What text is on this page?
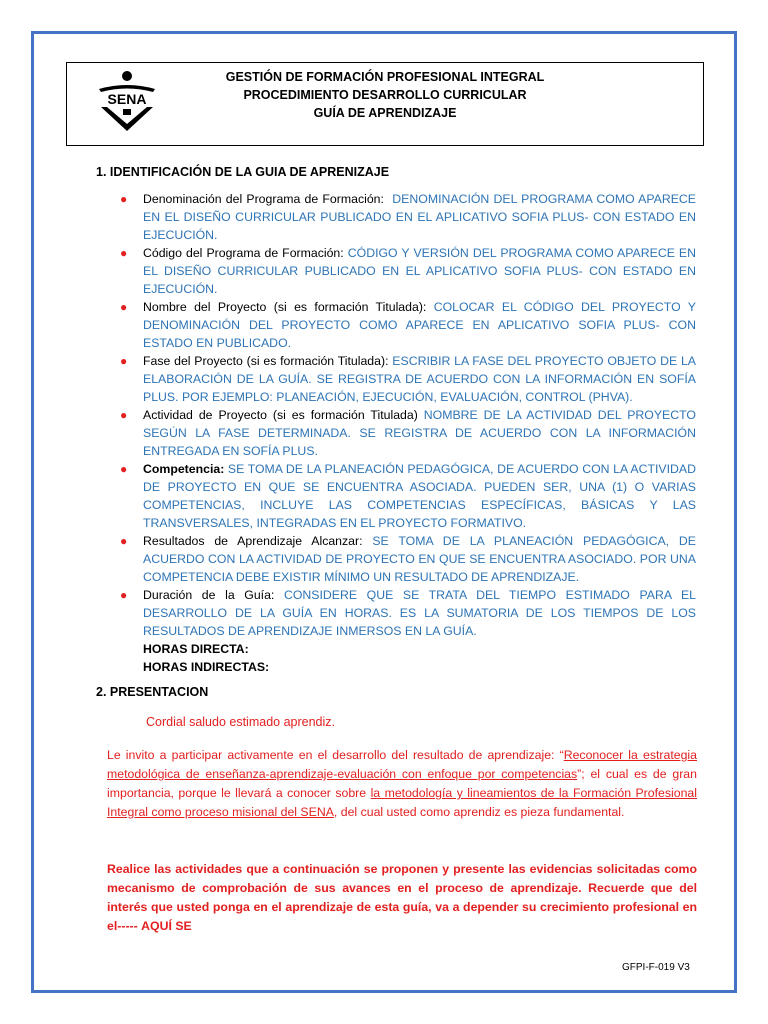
SENA
GESTIÓN DE FORMACIÓN PROFESIONAL INTEGRAL
PROCEDIMIENTO DESARROLLO CURRICULAR
GUÍA DE APRENDIZAJE
1. IDENTIFICACIÓN DE LA GUIA DE APRENIZAJE
● Denominación del Programa de Formación: DENOMINACIÓN DEL PROGRAMA COMO APARECE EN EL DISEÑO CURRICULAR PUBLICADO EN EL APLICATIVO SOFIA PLUS- CON ESTADO EN EJECUCIÓN.
● Código del Programa de Formación: CÓDIGO Y VERSIÓN DEL PROGRAMA COMO APARECE EN EL DISEÑO CURRICULAR PUBLICADO EN EL APLICATIVO SOFIA PLUS- CON ESTADO EN EJECUCIÓN.
● Nombre del Proyecto (si es formación Titulada): COLOCAR EL CÓDIGO DEL PROYECTO Y DENOMINACIÓN DEL PROYECTO COMO APARECE EN APLICATIVO SOFIA PLUS- CON ESTADO EN PUBLICADO.
● Fase del Proyecto (si es formación Titulada): ESCRIBIR LA FASE DEL PROYECTO OBJETO DE LA ELABORACIÓN DE LA GUÍA. SE REGISTRA DE ACUERDO CON LA INFORMACIÓN EN SOFÍA PLUS. POR EJEMPLO: PLANEACIÓN, EJECUCIÓN, EVALUACIÓN, CONTROL (PHVA).
● Actividad de Proyecto (si es formación Titulada) NOMBRE DE LA ACTIVIDAD DEL PROYECTO SEGÚN LA FASE DETERMINADA. SE REGISTRA DE ACUERDO CON LA INFORMACIÓN ENTREGADA EN SOFÍA PLUS.
● Competencia: SE TOMA DE LA PLANEACIÓN PEDAGÓGICA, DE ACUERDO CON LA ACTIVIDAD DE PROYECTO EN QUE SE ENCUENTRA ASOCIADA. PUEDEN SER, UNA (1) O VARIAS COMPETENCIAS, INCLUYE LAS COMPETENCIAS ESPECÍFICAS, BÁSICAS Y LAS TRANSVERSALES, INTEGRADAS EN EL PROYECTO FORMATIVO.
● Resultados de Aprendizaje Alcanzar: SE TOMA DE LA PLANEACIÓN PEDAGÓGICA, DE ACUERDO CON LA ACTIVIDAD DE PROYECTO EN QUE SE ENCUENTRA ASOCIADO. POR UNA COMPETENCIA DEBE EXISTIR MÍNIMO UN RESULTADO DE APRENDIZAJE.
● Duración de la Guía: CONSIDERE QUE SE TRATA DEL TIEMPO ESTIMADO PARA EL DESARROLLO DE LA GUÍA EN HORAS. ES LA SUMATORIA DE LOS TIEMPOS DE LOS RESULTADOS DE APRENDIZAJE INMERSOS EN LA GUÍA.
HORAS DIRECTA:
HORAS INDIRECTAS:
2. PRESENTACION
Cordial saludo estimado aprendiz.
Le invito a participar activamente en el desarrollo del resultado de aprendizaje: “Reconocer la estrategia metodológica de enseñanza-aprendizaje-evaluación con enfoque por competencias”; el cual es de gran importancia, porque le llevará a conocer sobre la metodología y lineamientos de la Formación Profesional Integral como proceso misional del SENA, del cual usted como aprendiz es pieza fundamental.
Realice las actividades que a continuación se proponen y presente las evidencias solicitadas como mecanismo de comprobación de sus avances en el proceso de aprendizaje. Recuerde que del interés que usted ponga en el aprendizaje de esta guía, va a depender su crecimiento profesional en el----- AQUÍ SE
GFPI-F-019 V3
